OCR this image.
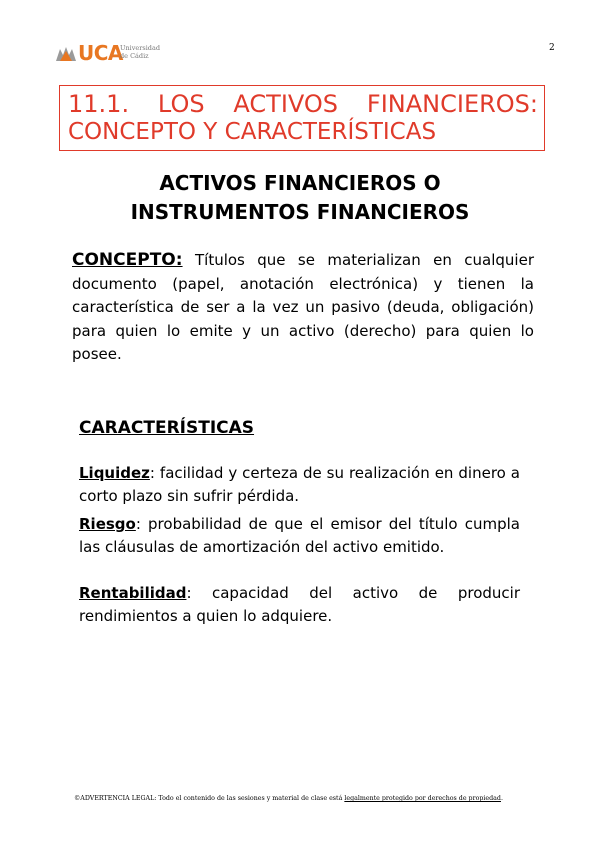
UCA
Universidad
de Cádiz
2
11.1. LOS ACTIVOS FINANCIEROS:
CONCEPTO Y CARACTERÍSTICAS
ACTIVOS FINANCIEROS O
INSTRUMENTOS FINANCIEROS

CONCEPTO: Títulos que se materializan en cualquier documento (papel, anotación electrónica) y tienen la característica de ser a la vez un pasivo (deuda, obligación) para quien lo emite y un activo (derecho) para quien lo posee.

CARACTERÍSTICAS

Liquidez: facilidad y certeza de su realización en dinero a corto plazo sin sufrir pérdida.

Riesgo: probabilidad de que el emisor del título cumpla las cláusulas de amortización del activo emitido.

Rentabilidad: capacidad del activo de producir rendimientos a quien lo adquiere.

©ADVERTENCIA LEGAL: Todo el contenido de las sesiones y material de clase está legalmente protegido por derechos de propiedad.
